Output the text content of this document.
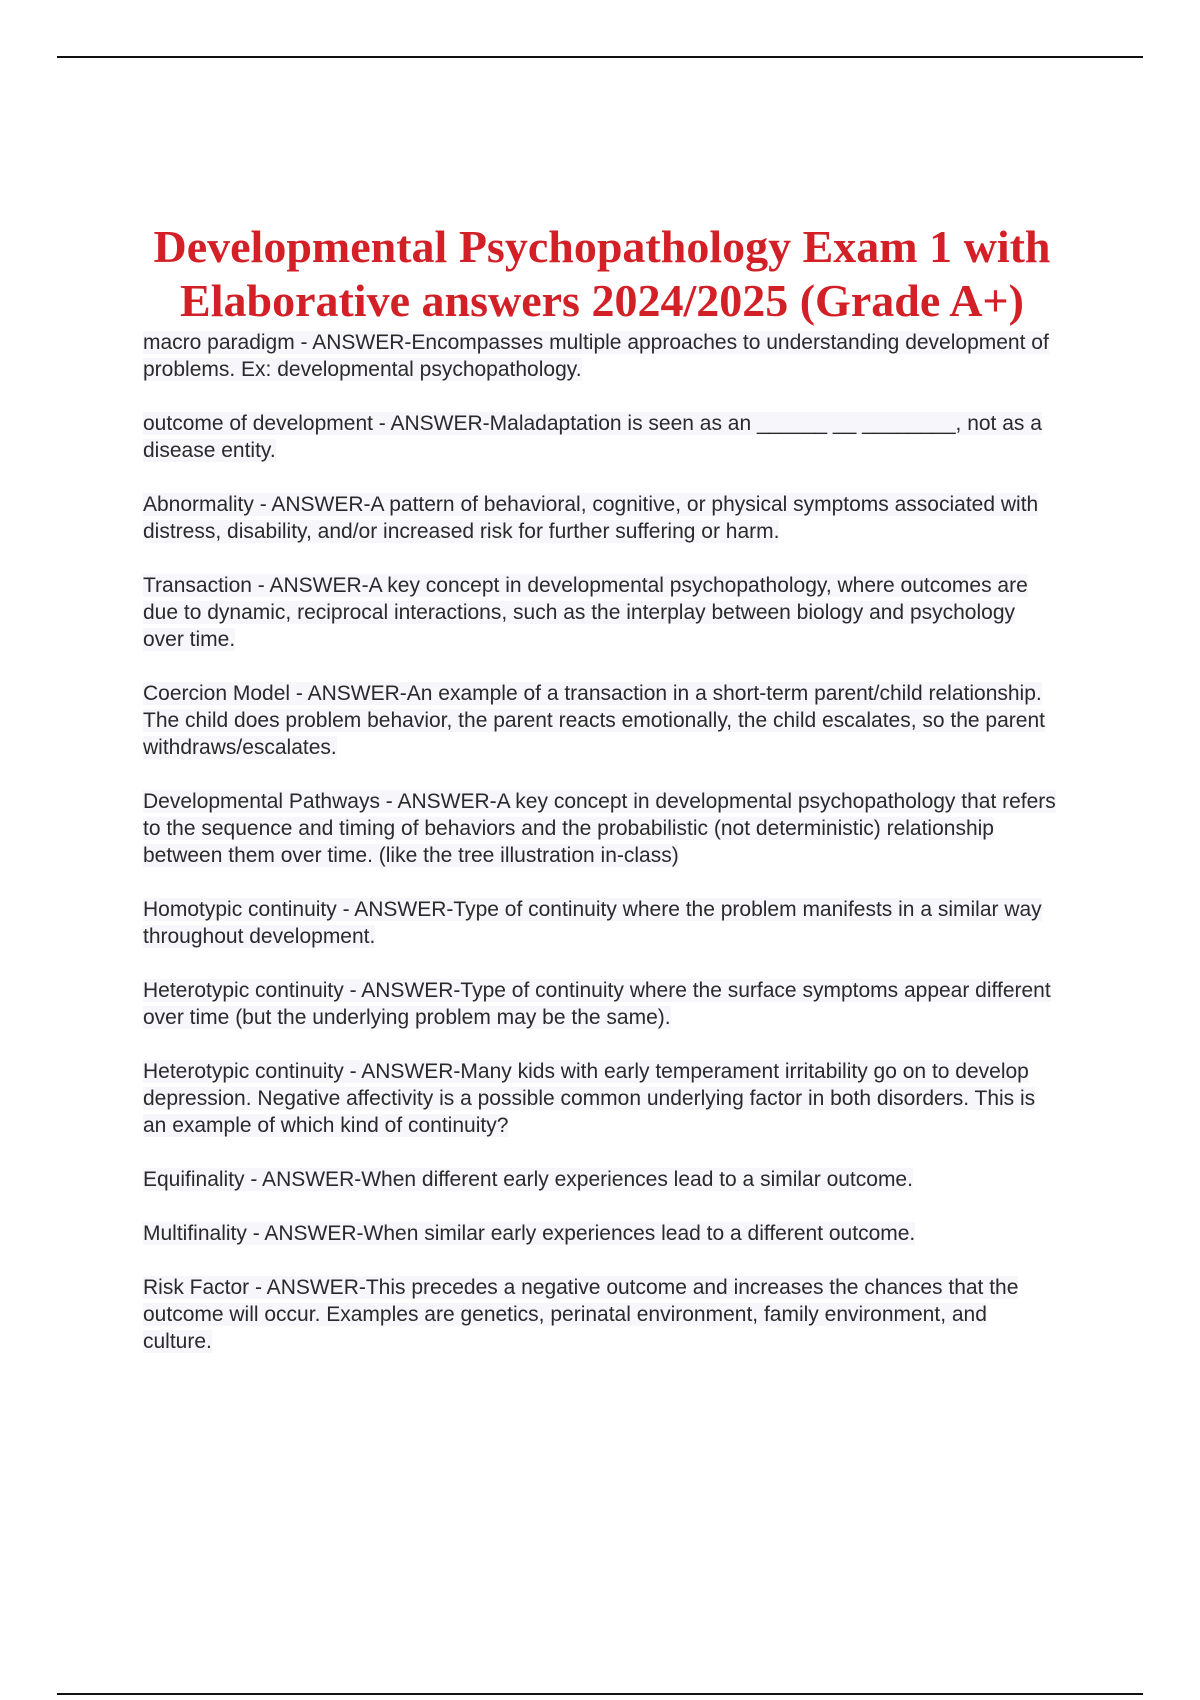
Developmental Psychopathology Exam 1 with Elaborative answers 2024/2025 (Grade A+)
macro paradigm - ANSWER-Encompasses multiple approaches to understanding development of problems. Ex: developmental psychopathology.
outcome of development - ANSWER-Maladaptation is seen as an ______ __ ________, not as a disease entity.
Abnormality - ANSWER-A pattern of behavioral, cognitive, or physical symptoms associated with distress, disability, and/or increased risk for further suffering or harm.
Transaction - ANSWER-A key concept in developmental psychopathology, where outcomes are due to dynamic, reciprocal interactions, such as the interplay between biology and psychology over time.
Coercion Model - ANSWER-An example of a transaction in a short-term parent/child relationship. The child does problem behavior, the parent reacts emotionally, the child escalates, so the parent withdraws/escalates.
Developmental Pathways - ANSWER-A key concept in developmental psychopathology that refers to the sequence and timing of behaviors and the probabilistic (not deterministic) relationship between them over time. (like the tree illustration in-class)
Homotypic continuity - ANSWER-Type of continuity where the problem manifests in a similar way throughout development.
Heterotypic continuity - ANSWER-Type of continuity where the surface symptoms appear different over time (but the underlying problem may be the same).
Heterotypic continuity - ANSWER-Many kids with early temperament irritability go on to develop depression. Negative affectivity is a possible common underlying factor in both disorders. This is an example of which kind of continuity?
Equifinality - ANSWER-When different early experiences lead to a similar outcome.
Multifinality - ANSWER-When similar early experiences lead to a different outcome.
Risk Factor - ANSWER-This precedes a negative outcome and increases the chances that the outcome will occur. Examples are genetics, perinatal environment, family environment, and culture.
